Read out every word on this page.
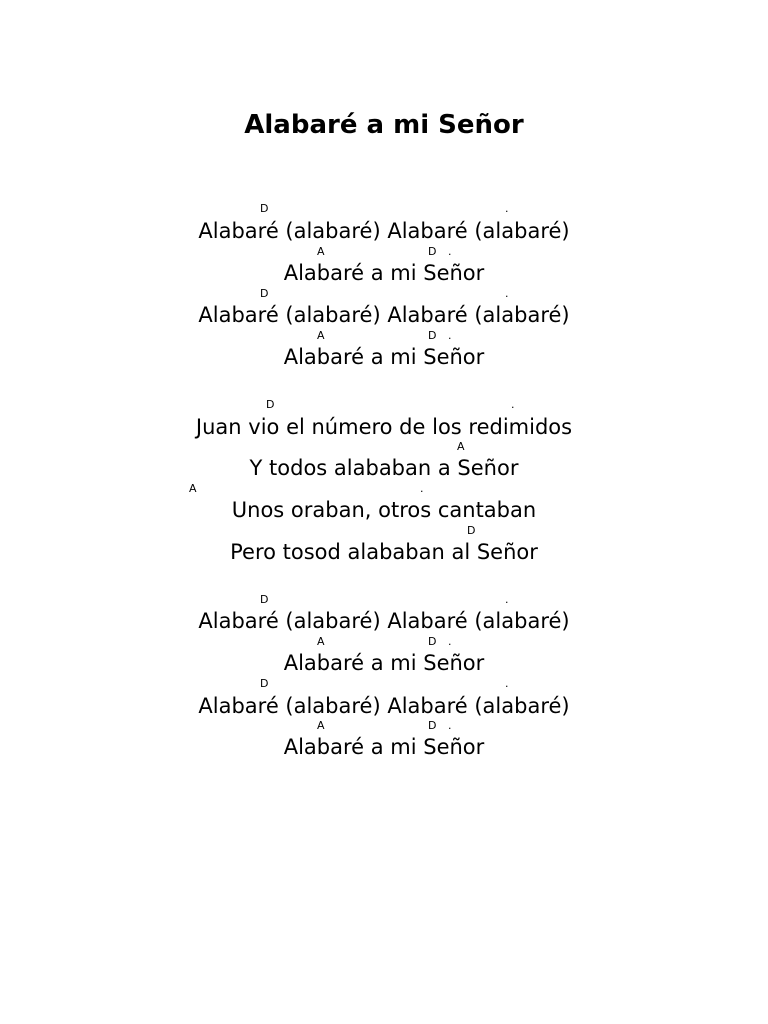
Alabaré a mi Señor
D	.
Alabaré (alabaré) Alabaré (alabaré)
A	D .
Alabaré a mi Señor
D	.
Alabaré (alabaré) Alabaré (alabaré)
A	D .
Alabaré a mi Señor
D	.
Juan vio el número de los redimidos
A
Y todos alababan a Señor
A	.
Unos oraban, otros cantaban
D
Pero tosod alababan al Señor
D	.
Alabaré (alabaré) Alabaré (alabaré)
A	D .
Alabaré a mi Señor
D	.
Alabaré (alabaré) Alabaré (alabaré)
A	D .
Alabaré a mi Señor
